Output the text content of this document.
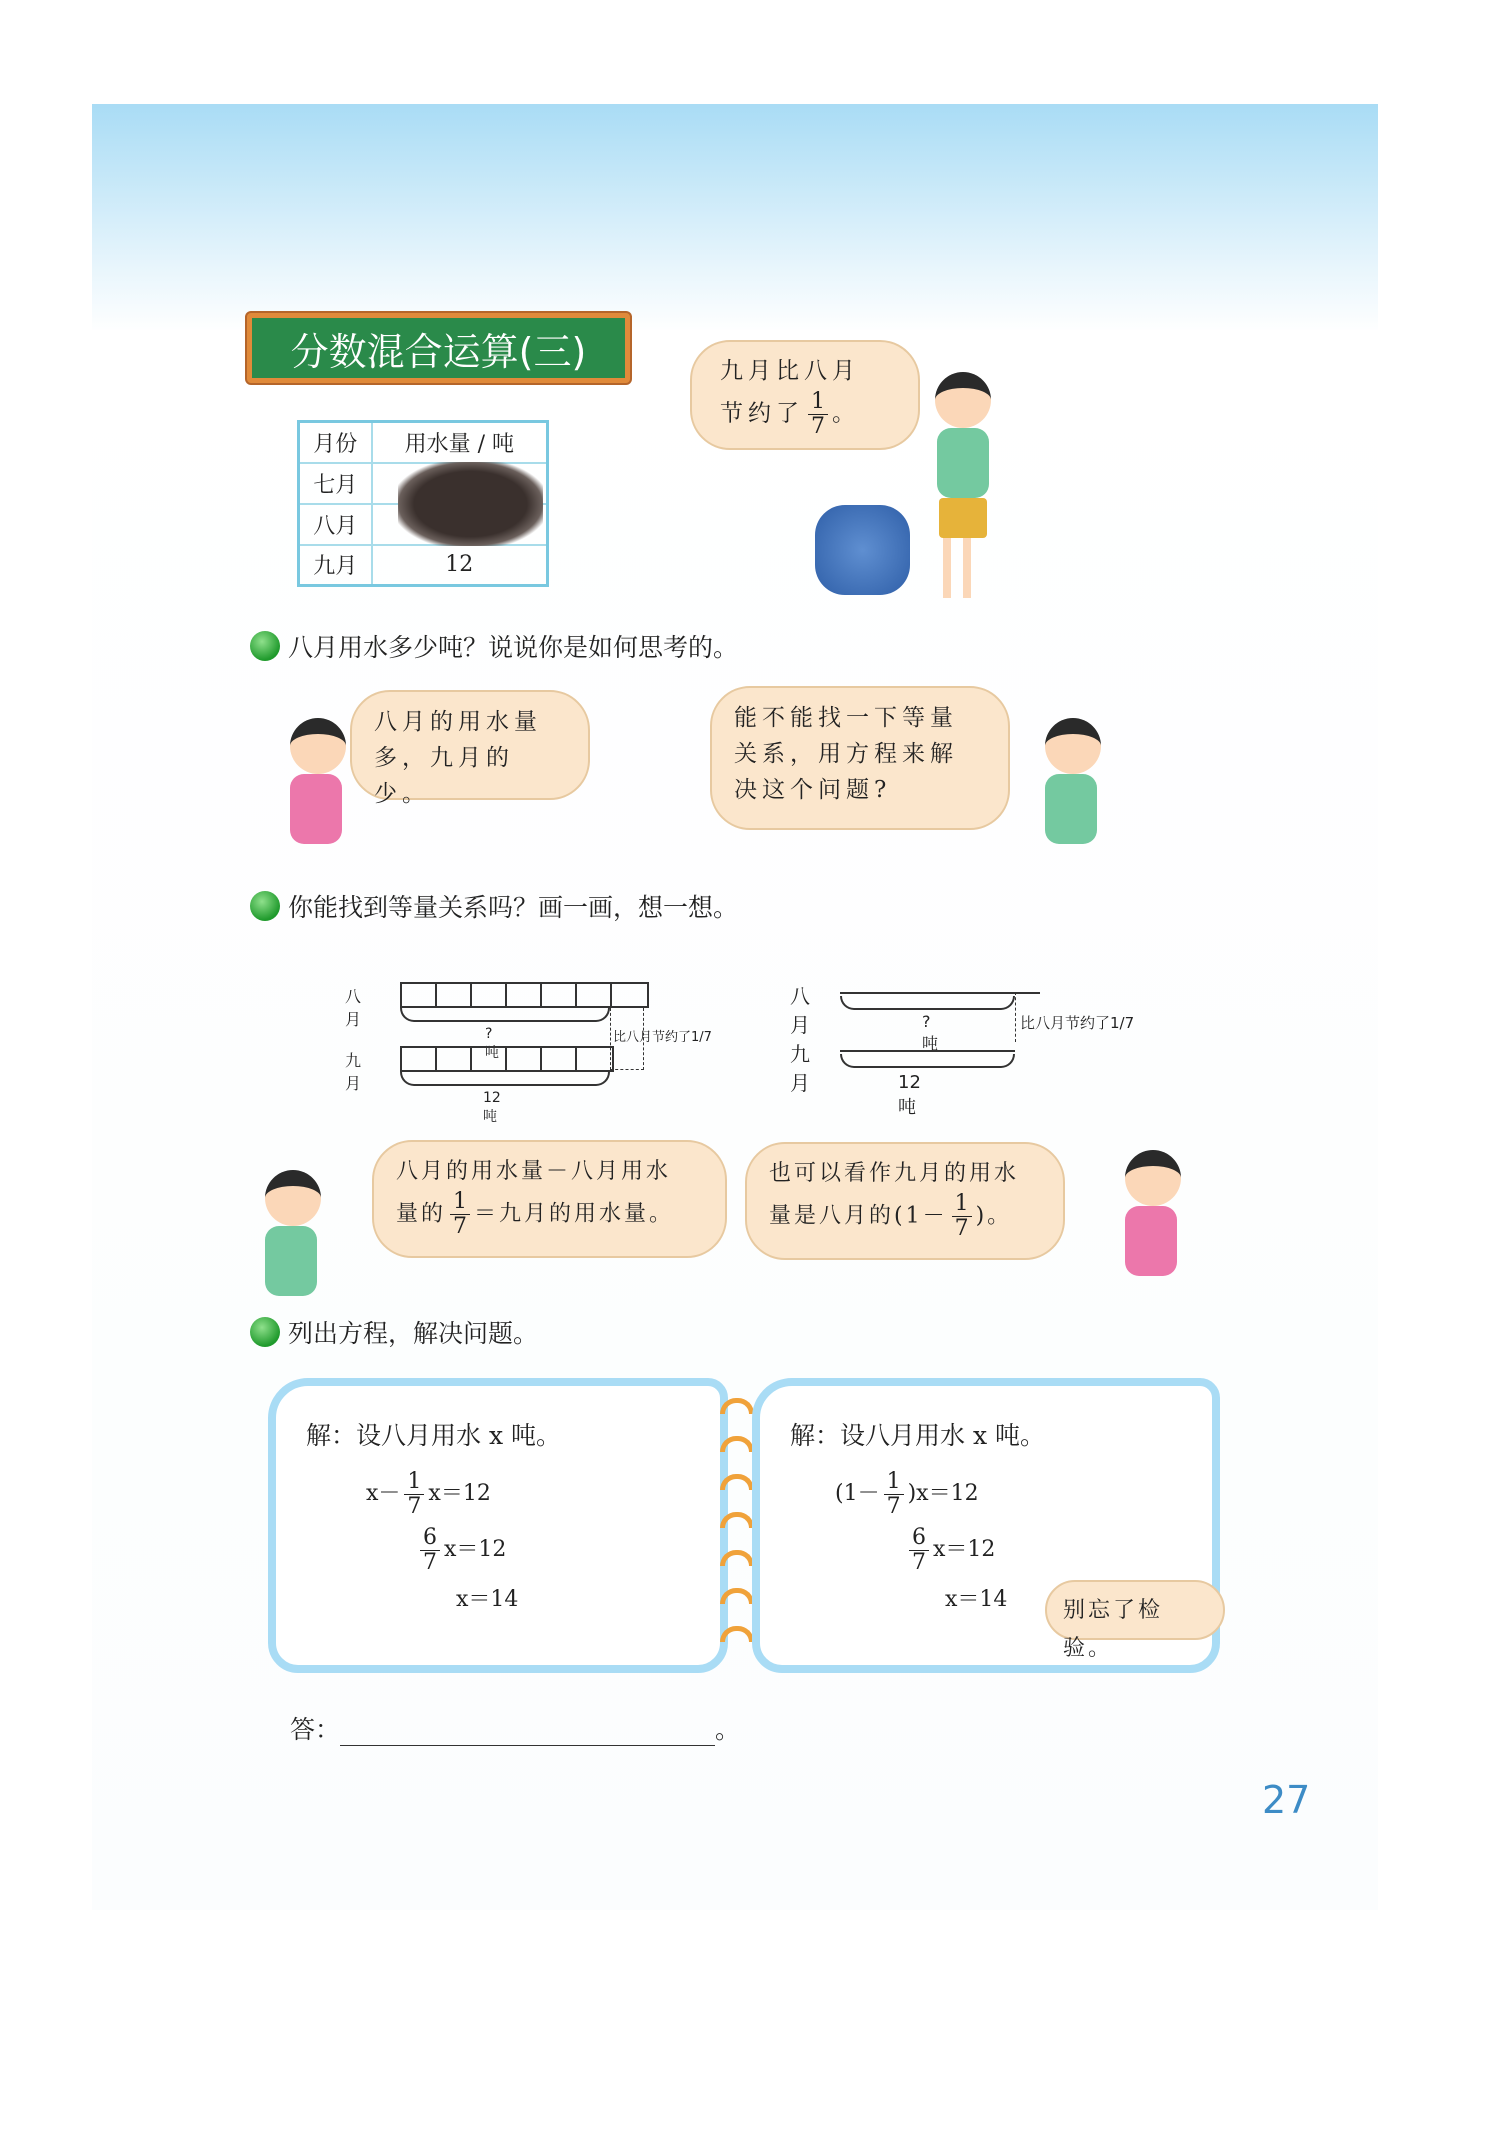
分数混合运算(三)
月份	用水量 / 吨
七月	
八月	
九月	12
九月比八月
节约了 $\frac{1}{7}$ 。
八月用水多少吨？说说你是如何思考的。
八月的用水量
多，九月的少。
能不能找一下等量
关系，用方程来解
决这个问题?
你能找到等量关系吗？画一画，想一想。
八月
?吨
比八月节约了1/7
九月
12吨
八月	?吨
比八月节约了1/7
九月	12吨
八月的用水量－八月用水
量的 $\frac{1}{7}$ ＝九月的用水量。
也可以看作九月的用水
量是八月的($1- \frac{1}{7}$ )。
列出方程，解决问题。
解：设八月用水 x 吨。
$x- \frac{1}{7} x=12$
$\frac{6}{7} x=12$
x＝14
解：设八月用水 x 吨。
$(1- \frac{1}{7} )x=12$
$\frac{6}{7} x=12$
x＝14	别忘了检验。
答：	。
27
